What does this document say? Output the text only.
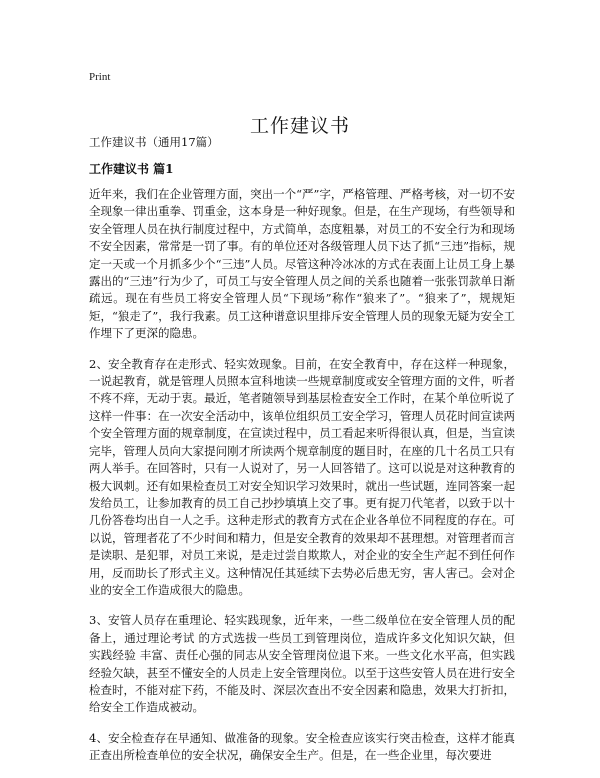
Print
工作建议书
工作建议书（通用17篇）
工作建议书 篇1

近年来，我们在企业管理方面，突出一个“严”字，严格管理、严格考核，对一切不安全现象一律出重拳、罚重金，这本身是一种好现象。但是，在生产现场，有些领导和安全管理人员在执行制度过程中，方式简单，态度粗暴，对员工的不安全行为和现场不安全因素，常常是一罚了事。有的单位还对各级管理人员下达了抓“三违”指标，规定一天或一个月抓多少个“三违”人员。尽管这种冷冰冰的方式在表面上让员工身上暴露出的“三违”行为少了，可员工与安全管理人员之间的关系也随着一张张罚款单日渐疏远。现在有些员工将安全管理人员“下现场”称作“狼来了”。“狼来了”，规规矩矩，“狼走了”，我行我素。员工这种谱意识里排斥安全管理人员的现象无疑为安全工作埋下了更深的隐患。

2、安全教育存在走形式、轻实效现象。目前，在安全教育中，存在这样一种现象，一说起教育，就是管理人员照本宣科地读一些规章制度或安全管理方面的文件，听者不疼不痒，无动于衷。最近，笔者随领导到基层检查安全工作时，在某个单位听说了这样一件事：在一次安全活动中，该单位组织员工安全学习，管理人员花时间宣读两个安全管理方面的规章制度，在宣读过程中，员工看起来听得很认真，但是，当宣读完毕，管理人员向大家提问刚才所读两个规章制度的题目时，在座的几十名员工只有两人举手。在回答时，只有一人说对了，另一人回答错了。这可以说是对这种教育的极大讽刺。还有如果检查员工对安全知识学习效果时，就出一些试题，连同答案一起发给员工，让参加教育的员工自己抄抄填填上交了事。更有捉刀代笔者，以致于以十几份答卷均出自一人之手。这种走形式的教育方式在企业各单位不同程度的存在。可以说，管理者花了不少时间和精力，但是安全教育的效果却不甚理想。对管理者而言是读职、是犯罪，对员工来说，是走过尝自欺欺人，对企业的安全生产起不到任何作用，反而助长了形式主义。这种情况任其延续下去势必后患无穷，害人害己。会对企业的安全工作造成很大的隐患。

3、安管人员存在重理论、轻实践现象，近年来，一些二级单位在安全管理人员的配备上，通过理论考试 的方式选拔一些员工到管理岗位，造成许多文化知识欠缺，但实践经验 丰富、责任心强的同志从安全管理岗位退下来。一些文化水平高，但实践经验欠缺，甚至不懂安全的人员走上安全管理岗位。以至于这些安管人员在进行安全检查时，不能对症下药，不能及时、深层次查出不安全因素和隐患，效果大打折扣，给安全工作造成被动。

4、安全检查存在早通知、做准备的现象。安全检查应该实行突击检查，这样才能真正查出所检查单位的安全状况，确保安全生产。但是，在一些企业里，每次要进
